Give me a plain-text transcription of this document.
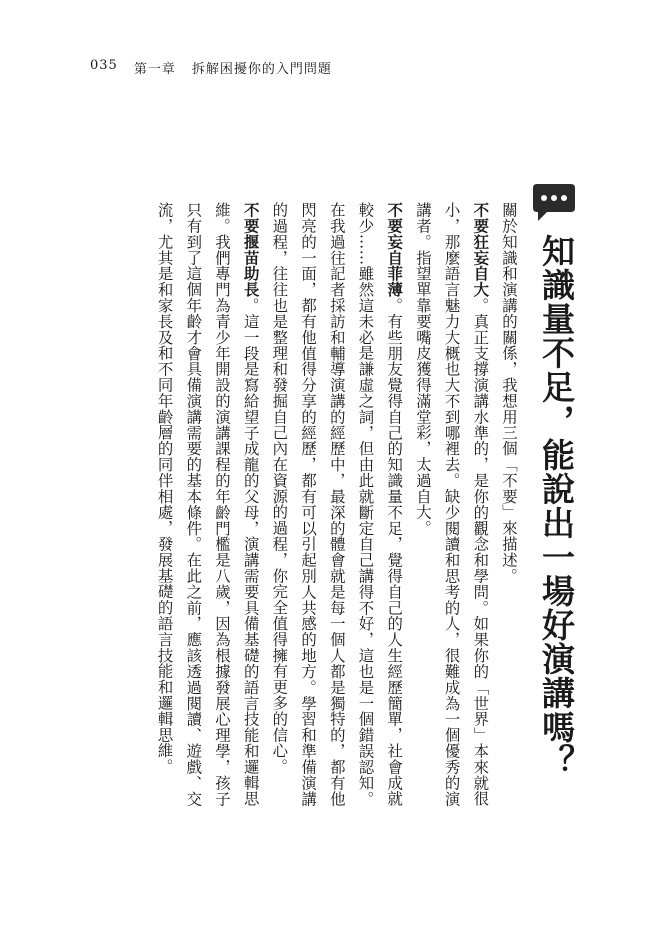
035 第一章 拆解困擾你的入門問題
知識量不足，能說出一場好演講嗎？

關於知識和演講的關係，我想用三個「不要」來描述。

不要狂妄自大。真正支撐演講水準的，是你的觀念和學問。如果你的「世界」本來就很小，那麼語言魅力大概也大不到哪裡去。缺少閱讀和思考的人，很難成為一個優秀的演講者。指望單靠要嘴皮獲得滿堂彩，太過自大。

不要妄自菲薄。有些朋友覺得自己的知識量不足，覺得自己的人生經歷簡單，社會成就較少……雖然這未必是謙虛之詞，但由此就斷定自己講得不好，這也是一個錯誤認知。在我過往記者採訪和輔導演講的經歷中，最深的體會就是每一個人都是獨特的，都有他閃亮的一面，都有他值得分享的經歷，都有可以引起別人共感的地方。學習和準備演講的過程，往往也是整理和發掘自己內在資源的過程，你完全值得擁有更多的信心。

不要揠苗助長。這一段是寫給望子成龍的父母，演講需要具備基礎的語言技能和邏輯思維。我們專門為青少年開設的演講課程的年齡門檻是八歲，因為根據發展心理學，孩子只有到了這個年齡才會具備演講需要的基本條件。在此之前，應該透過閱讀、遊戲、交流，尤其是和家長及和不同年齡層的同伴相處，發展基礎的語言技能和邏輯思維。
